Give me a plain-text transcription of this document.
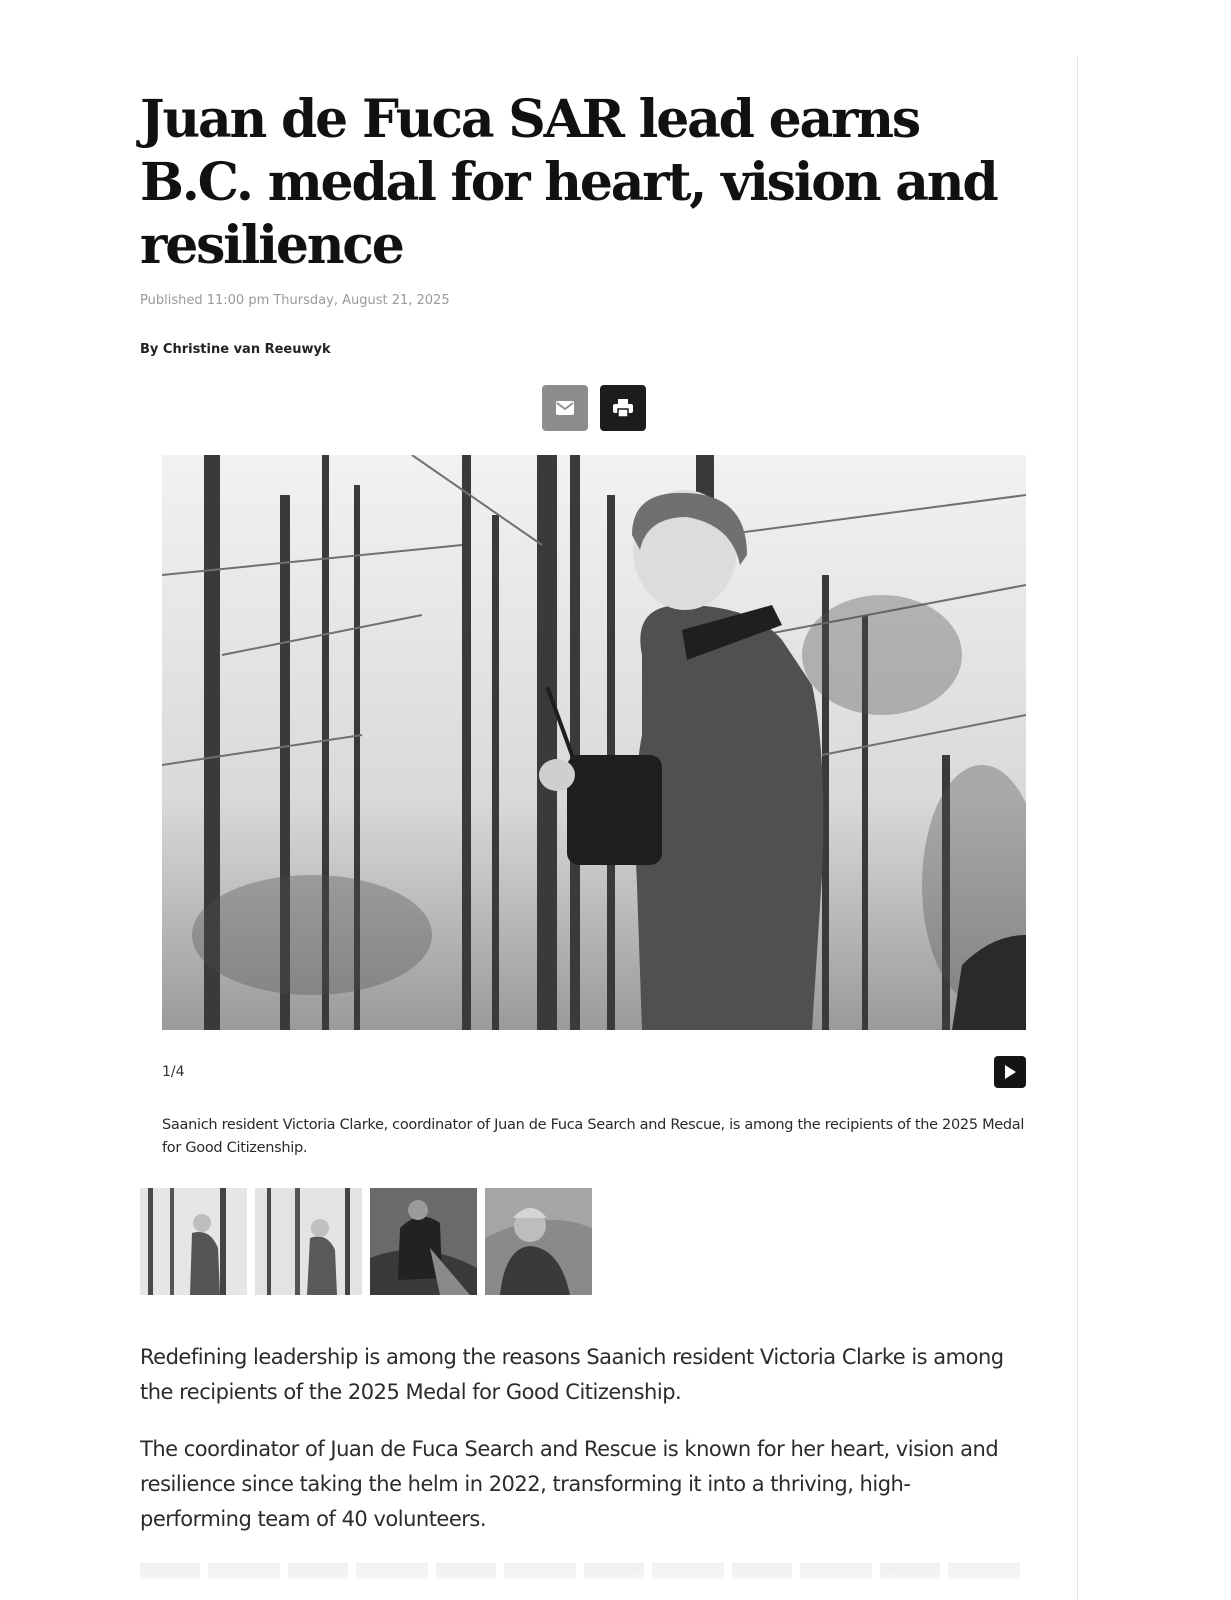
Juan de Fuca SAR lead earns B.C. medal for heart, vision and resilience
Published 11:00 pm Thursday, August 21, 2025
By Christine van Reeuwyk
1/4

Saanich resident Victoria Clarke, coordinator of Juan de Fuca Search and Rescue, is among the recipients of the 2025 Medal for Good Citizenship.

Redefining leadership is among the reasons Saanich resident Victoria Clarke is among the recipients of the 2025 Medal for Good Citizenship.

The coordinator of Juan de Fuca Search and Rescue is known for her heart, vision and resilience since taking the helm in 2022, transforming it into a thriving, high-performing team of 40 volunteers.
